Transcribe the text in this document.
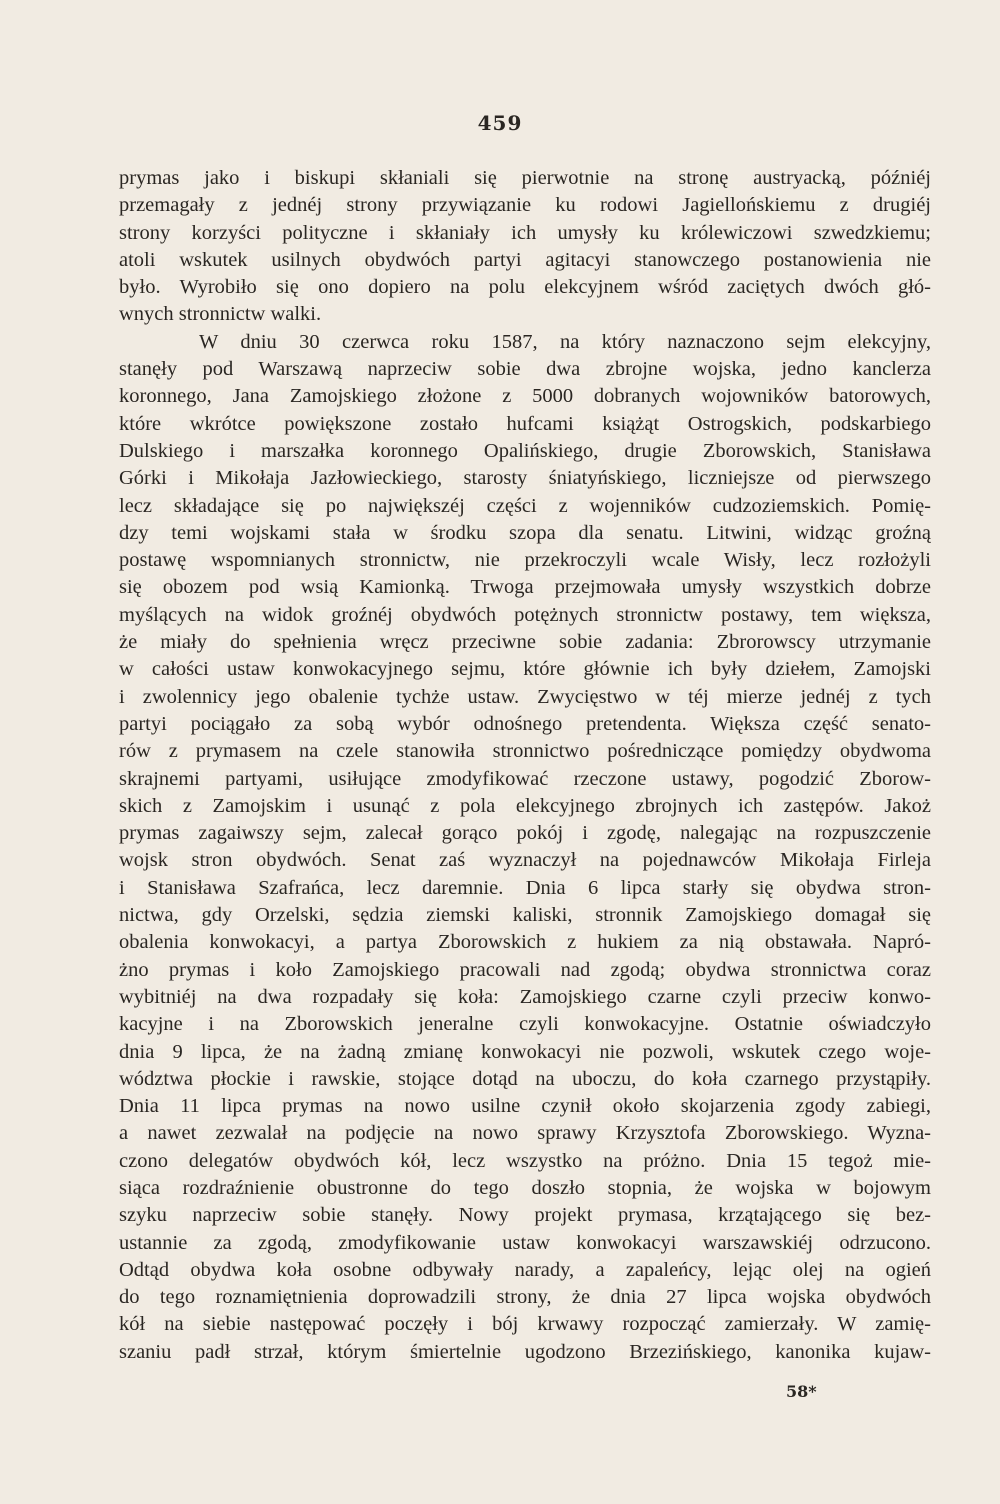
459
prymas jako i biskupi skłaniali się pierwotnie na stronę austryacką, późniéj
przemagały z jednéj strony przywiązanie ku rodowi Jagiellońskiemu z drugiéj
strony korzyści polityczne i skłaniały ich umysły ku królewiczowi szwedzkiemu;
atoli wskutek usilnych obydwóch partyi agitacyi stanowczego postanowienia nie
było. Wyrobiło się ono dopiero na polu elekcyjnem wśród zaciętych dwóch głó-
wnych stronnictw walki.
W dniu 30 czerwca roku 1587, na który naznaczono sejm elekcyjny,
stanęły pod Warszawą naprzeciw sobie dwa zbrojne wojska, jedno kanclerza
koronnego, Jana Zamojskiego złożone z 5000 dobranych wojowników batorowych,
które wkrótce powiększone zostało hufcami książąt Ostrogskich, podskarbiego
Dulskiego i marszałka koronnego Opalińskiego, drugie Zborowskich, Stanisława
Górki i Mikołaja Jazłowieckiego, starosty śniatyńskiego, liczniejsze od pierwszego
lecz składające się po największéj części z wojenników cudzoziemskich. Pomię-
dzy temi wojskami stała w środku szopa dla senatu. Litwini, widząc groźną
postawę wspomnianych stronnictw, nie przekroczyli wcale Wisły, lecz rozłożyli
się obozem pod wsią Kamionką. Trwoga przejmowała umysły wszystkich dobrze
myślących na widok groźnéj obydwóch potężnych stronnictw postawy, tem większa,
że miały do spełnienia wręcz przeciwne sobie zadania: Zbrorowscy utrzymanie
w całości ustaw konwokacyjnego sejmu, które głównie ich były dziełem, Zamojski
i zwolennicy jego obalenie tychże ustaw. Zwycięstwo w téj mierze jednéj z tych
partyi pociągało za sobą wybór odnośnego pretendenta. Większa część senato-
rów z prymasem na czele stanowiła stronnictwo pośredniczące pomiędzy obydwoma
skrajnemi partyami, usiłujące zmodyfikować rzeczone ustawy, pogodzić Zborow-
skich z Zamojskim i usunąć z pola elekcyjnego zbrojnych ich zastępów. Jakoż
prymas zagaiwszy sejm, zalecał gorąco pokój i zgodę, nalegając na rozpuszczenie
wojsk stron obydwóch. Senat zaś wyznaczył na pojednawców Mikołaja Firleja
i Stanisława Szafrańca, lecz daremnie. Dnia 6 lipca starły się obydwa stron-
nictwa, gdy Orzelski, sędzia ziemski kaliski, stronnik Zamojskiego domagał się
obalenia konwokacyi, a partya Zborowskich z hukiem za nią obstawała. Napró-
żno prymas i koło Zamojskiego pracowali nad zgodą; obydwa stronnictwa coraz
wybitniéj na dwa rozpadały się koła: Zamojskiego czarne czyli przeciw konwo-
kacyjne i na Zborowskich jeneralne czyli konwokacyjne. Ostatnie oświadczyło
dnia 9 lipca, że na żadną zmianę konwokacyi nie pozwoli, wskutek czego woje-
wództwa płockie i rawskie, stojące dotąd na uboczu, do koła czarnego przystąpiły.
Dnia 11 lipca prymas na nowo usilne czynił około skojarzenia zgody zabiegi,
a nawet zezwalał na podjęcie na nowo sprawy Krzysztofa Zborowskiego. Wyzna-
czono delegatów obydwóch kół, lecz wszystko na próżno. Dnia 15 tegoż mie-
siąca rozdraźnienie obustronne do tego doszło stopnia, że wojska w bojowym
szyku naprzeciw sobie stanęły. Nowy projekt prymasa, krzątającego się bez-
ustannie za zgodą, zmodyfikowanie ustaw konwokacyi warszawskiéj odrzucono.
Odtąd obydwa koła osobne odbywały narady, a zapaleńcy, lejąc olej na ogień
do tego roznamiętnienia doprowadzili strony, że dnia 27 lipca wojska obydwóch
kół na siebie następować poczęły i bój krwawy rozpocząć zamierzały. W zamię-
szaniu padł strzał, którym śmiertelnie ugodzono Brzezińskiego, kanonika kujaw-
58*
